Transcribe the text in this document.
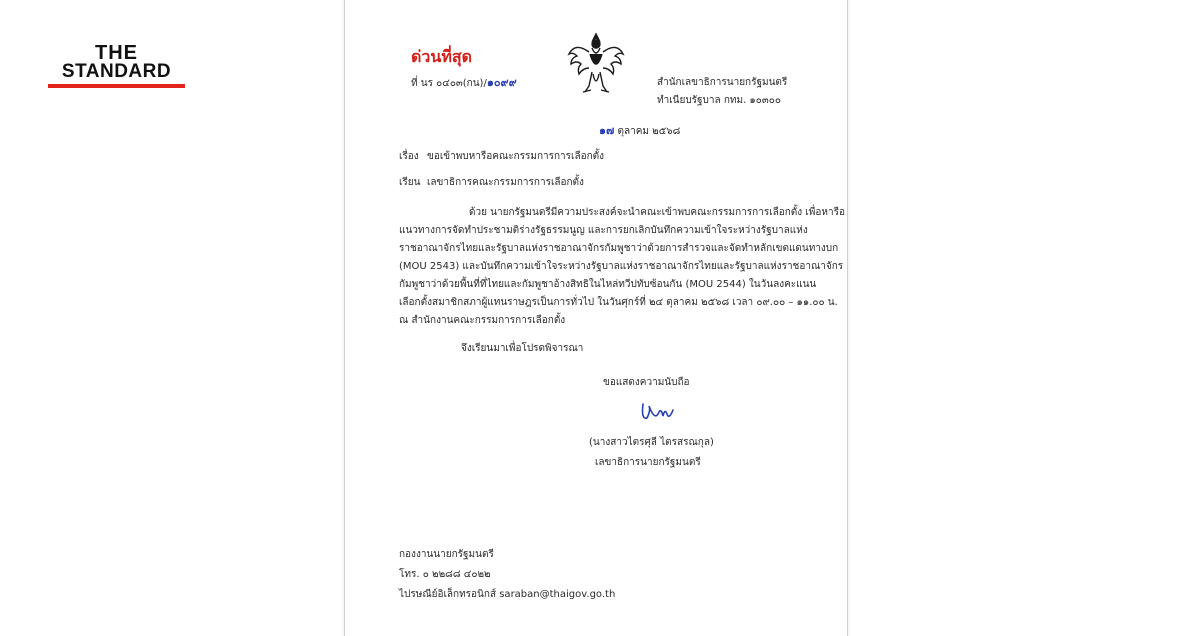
THE
STANDARD
ด่วนที่สุด
ที่ นร ๐๔๐๓(กน)/๑๐๙๙	สำนักเลขาธิการนายกรัฐมนตรี
ทำเนียบรัฐบาล กทม. ๑๐๓๐๐
๑๗ ตุลาคม ๒๕๖๘
เรื่อง ขอเข้าพบหารือคณะกรรมการการเลือกตั้ง
เรียน เลขาธิการคณะกรรมการการเลือกตั้ง
ด้วย นายกรัฐมนตรีมีความประสงค์จะนำคณะเข้าพบคณะกรรมการการเลือกตั้ง เพื่อหารือ
แนวทางการจัดทำประชามติร่างรัฐธรรมนูญ และการยกเลิกบันทึกความเข้าใจระหว่างรัฐบาลแห่ง
ราชอาณาจักรไทยและรัฐบาลแห่งราชอาณาจักรกัมพูชาว่าด้วยการสำรวจและจัดทำหลักเขตแดนทางบก
(MOU 2543) และบันทึกความเข้าใจระหว่างรัฐบาลแห่งราชอาณาจักรไทยและรัฐบาลแห่งราชอาณาจักร
กัมพูชาว่าด้วยพื้นที่ที่ไทยและกัมพูชาอ้างสิทธิในไหล่ทวีปทับซ้อนกัน (MOU 2544) ในวันลงคะแนน
เลือกตั้งสมาชิกสภาผู้แทนราษฎรเป็นการทั่วไป ในวันศุกร์ที่ ๒๔ ตุลาคม ๒๕๖๘ เวลา ๐๙.๐๐ – ๑๑.๐๐ น.
ณ สำนักงานคณะกรรมการการเลือกตั้ง
จึงเรียนมาเพื่อโปรดพิจารณา
ขอแสดงความนับถือ
(นางสาวไตรศุลี ไตรสรณกุล)
เลขาธิการนายกรัฐมนตรี
กองงานนายกรัฐมนตรี
โทร. ๐ ๒๒๘๘ ๔๐๒๒
ไปรษณีย์อิเล็กทรอนิกส์ saraban@thaigov.go.th
